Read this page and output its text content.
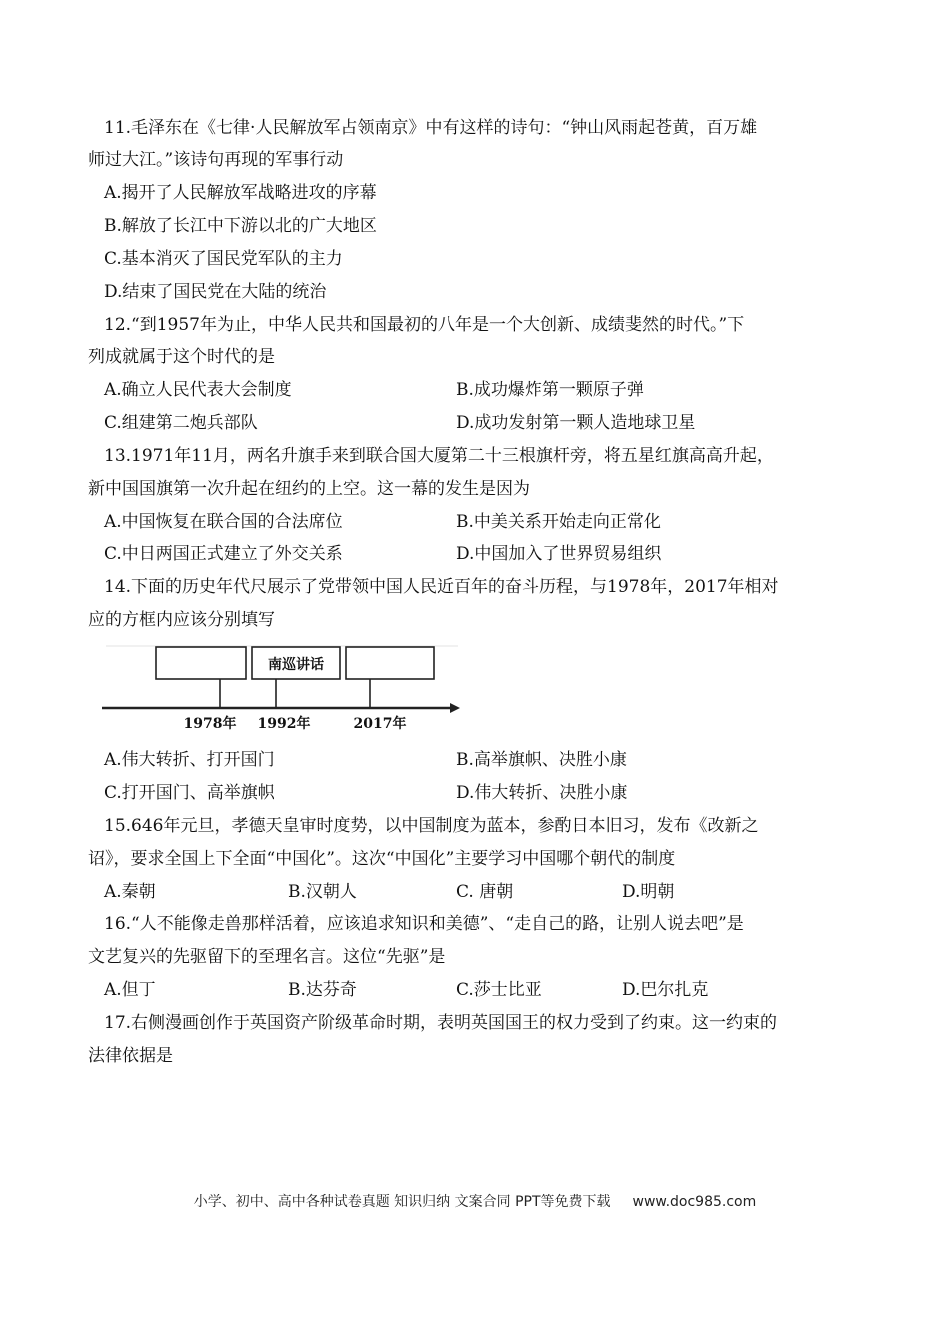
11.毛泽东在《七律·人民解放军占领南京》中有这样的诗句：“钟山风雨起苍黄，百万雄
师过大江。”该诗句再现的军事行动
A.揭开了人民解放军战略进攻的序幕
B.解放了长江中下游以北的广大地区
C.基本消灭了国民党军队的主力
D.结束了国民党在大陆的统治
12.“到1957年为止，中华人民共和国最初的八年是一个大创新、成绩斐然的时代。”下
列成就属于这个时代的是
A.确立人民代表大会制度	B.成功爆炸第一颗原子弹
C.组建第二炮兵部队	D.成功发射第一颗人造地球卫星
13.1971年11月，两名升旗手来到联合国大厦第二十三根旗杆旁，将五星红旗高高升起，
新中国国旗第一次升起在纽约的上空。这一幕的发生是因为
A.中国恢复在联合国的合法席位	B.中美关系开始走向正常化
C.中日两国正式建立了外交关系	D.中国加入了世界贸易组织
14.下面的历史年代尺展示了党带领中国人民近百年的奋斗历程，与1978年，2017年相对
应的方框内应该分别填写
南巡讲话
1978年 1992年	2017年
A.伟大转折、打开国门	B.高举旗帜、决胜小康
C.打开国门、高举旗帜	D.伟大转折、决胜小康
15.646年元旦，孝德天皇审时度势，以中国制度为蓝本，参酌日本旧习，发布《改新之
诏》，要求全国上下全面“中国化”。这次“中国化”主要学习中国哪个朝代的制度
A.秦朝	B.汉朝人	C. 唐朝	D.明朝
16.“人不能像走兽那样活着，应该追求知识和美德”、“走自己的路，让别人说去吧”是
文艺复兴的先驱留下的至理名言。这位“先驱”是
A.但丁	B.达芬奇	C.莎士比亚	D.巴尔扎克
17.右侧漫画创作于英国资产阶级革命时期，表明英国国王的权力受到了约束。这一约束的
法律依据是
小学、初中、高中各种试卷真题 知识归纳 文案合同 PPT等免费下载 www.doc985.com
